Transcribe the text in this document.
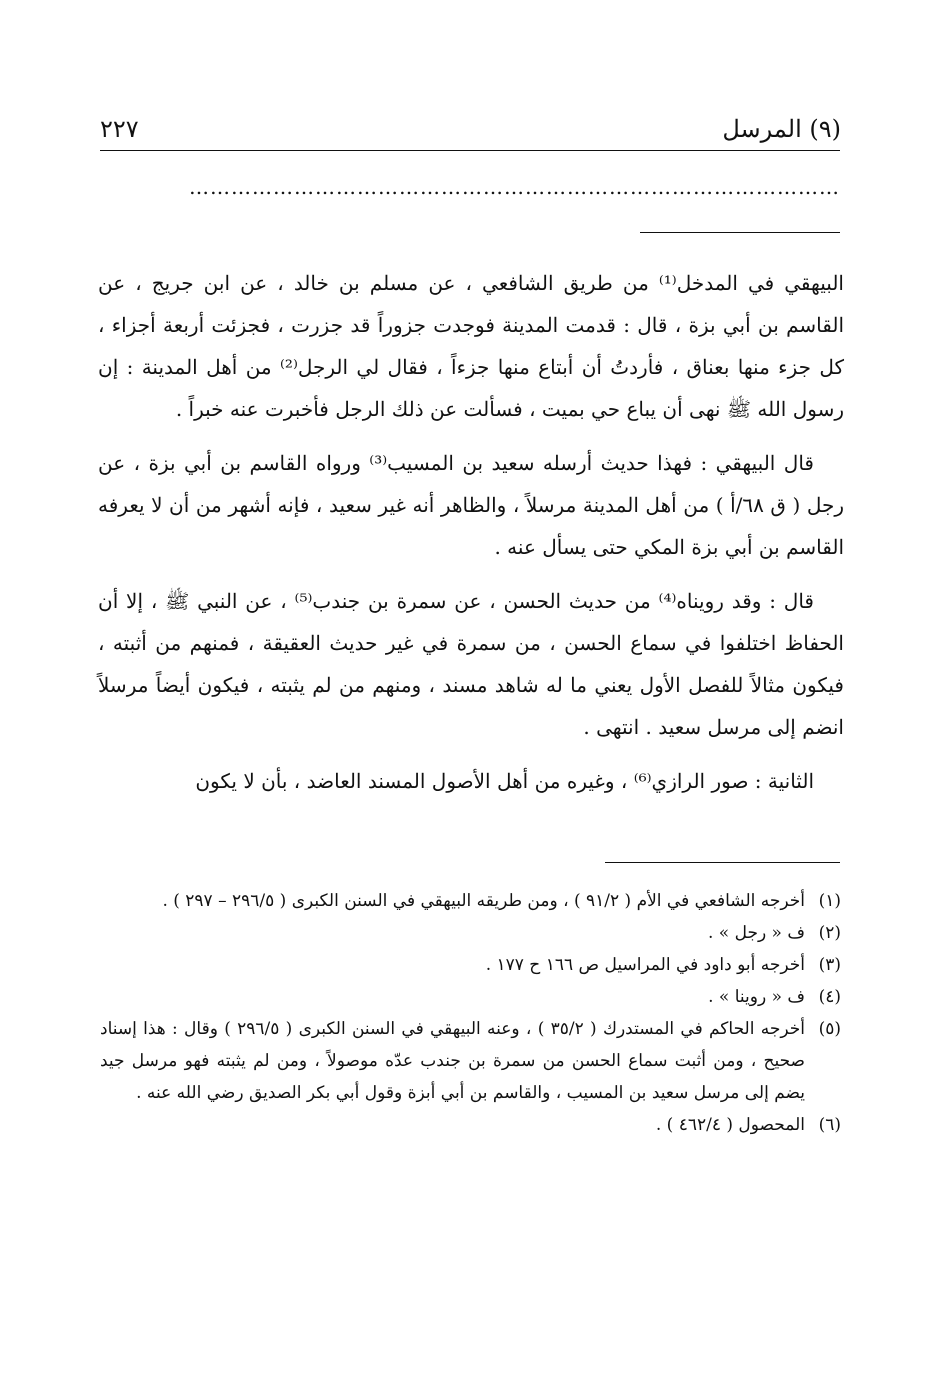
(٩) المرسل
٢٢٧
…………………………………………………………………………………

البيهقي في المدخل⁽¹⁾ من طريق الشافعي ، عن مسلم بن خالد ، عن ابن جريج ، عن القاسم بن أبي بزة ، قال : قدمت المدينة فوجدت جزوراً قد جزرت ، فجزئت أربعة أجزاء ، كل جزء منها بعناق ، فأردتُ أن أبتاع منها جزءاً ، فقال لي الرجل⁽²⁾ من أهل المدينة : إن رسول الله ﷺ نهى أن يباع حي بميت ، فسألت عن ذلك الرجل فأخبرت عنه خبراً .

قال البيهقي : فهذا حديث أرسله سعيد بن المسيب⁽³⁾ ورواه القاسم بن أبي بزة ، عن رجل ( ق ٦٨/أ ) من أهل المدينة مرسلاً ، والظاهر أنه غير سعيد ، فإنه أشهر من أن لا يعرفه القاسم بن أبي بزة المكي حتى يسأل عنه .

قال : وقد رويناه⁽⁴⁾ من حديث الحسن ، عن سمرة بن جندب⁽⁵⁾ ، عن النبي ﷺ ، إلا أن الحفاظ اختلفوا في سماع الحسن ، من سمرة في غير حديث العقيقة ، فمنهم من أثبته ، فيكون مثالاً للفصل الأول يعني ما له شاهد مسند ، ومنهم من لم يثبته ، فيكون أيضاً مرسلاً انضم إلى مرسل سعيد . انتهى .

الثانية : صور الرازي⁽⁶⁾ ، وغيره من أهل الأصول المسند العاضد ، بأن لا يكون

(١)
أخرجه الشافعي في الأم ( ٩١/٢ ) ، ومن طريقه البيهقي في السنن الكبرى ( ٢٩٦/٥ – ٢٩٧ ) .
(٢)
ف « رجل » .
(٣)
أخرجه أبو داود في المراسيل ص ١٦٦ ح ١٧٧ .
(٤)
ف « روينا » .
(٥)
أخرجه الحاكم في المستدرك ( ٣٥/٢ ) ، وعنه البيهقي في السنن الكبرى ( ٢٩٦/٥ ) وقال : هذا إسناد صحيح ، ومن أثبت سماع الحسن من سمرة بن جندب عدّه موصولاً ، ومن لم يثبته فهو مرسل جيد يضم إلى مرسل سعيد بن المسيب ، والقاسم بن أبي أبزة وقول أبي بكر الصديق رضي الله عنه .
(٦)
المحصول ( ٤٦٢/٤ ) .
